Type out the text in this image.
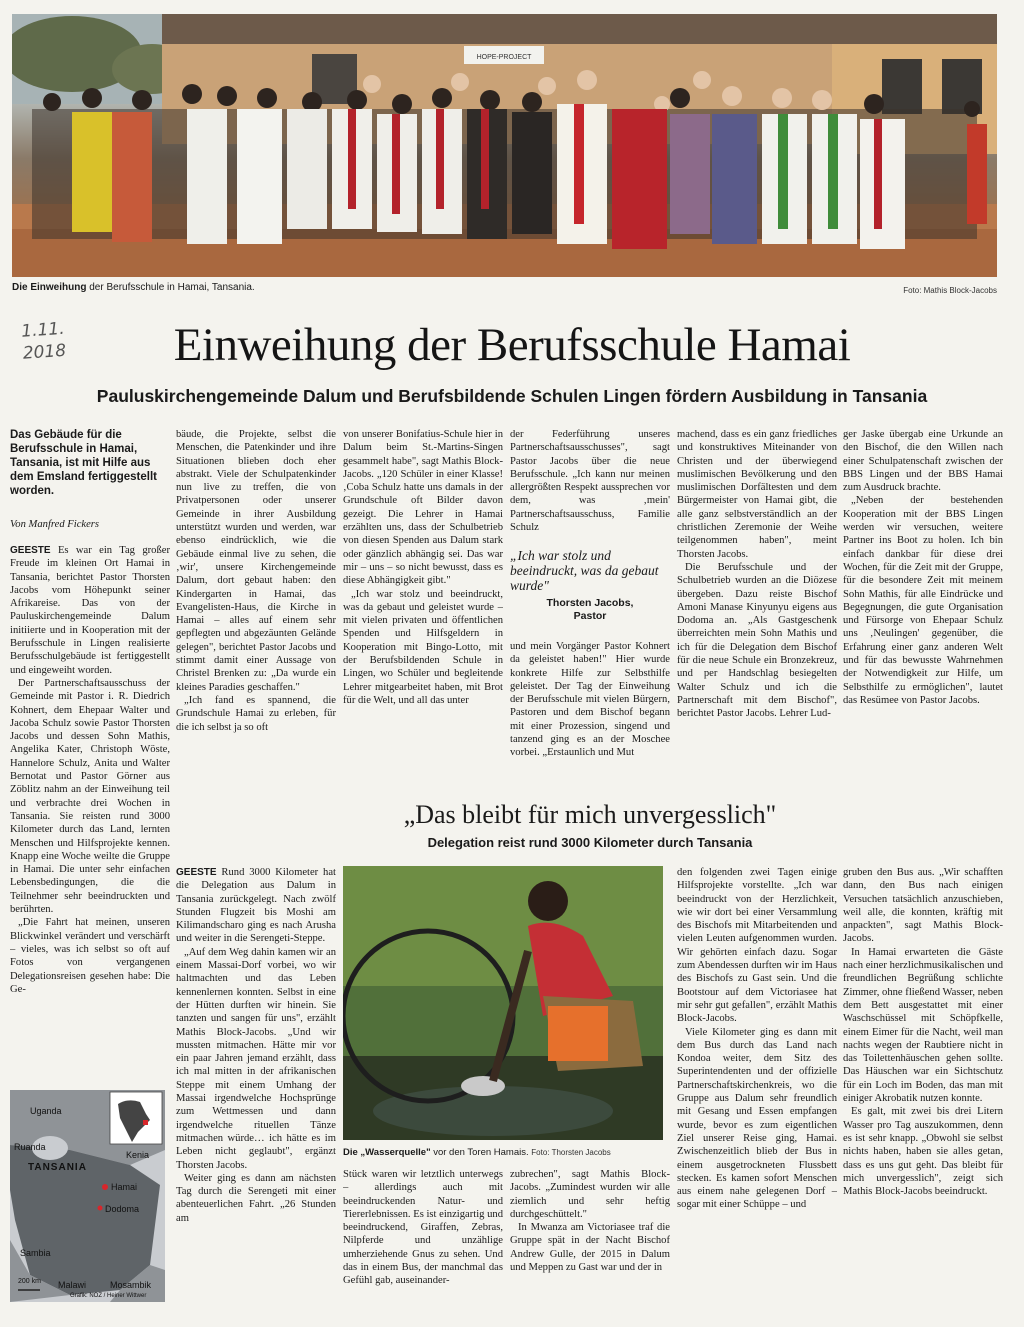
HOPE-PROJECT
Die Einweihung der Berufsschule in Hamai, Tansania.	Foto: Mathis Block-Jacobs
Einweihung der Berufsschule Hamai
1.11.
2018
Pauluskirchengemeinde Dalum und Berufsbildende Schulen Lingen fördern Ausbildung in Tansania
Das Gebäude für die Berufsschule in Hamai, Tansania, ist mit Hilfe aus dem Emsland fertiggestellt worden.
Von Manfred Fickers

GEESTE Es war ein Tag großer Freude im kleinen Ort Hamai in Tansania, berichtet Pastor Thorsten Jacobs vom Höhepunkt seiner Afrikareise. Das von der Pauluskirchengemeinde Dalum initiierte und in Kooperation mit der Berufsschule in Lingen realisierte Berufsschulgebäude ist fertiggestellt und eingeweiht worden.

Der Partnerschaftsausschuss der Gemeinde mit Pastor i. R. Diedrich Kohnert, dem Ehepaar Walter und Jacoba Schulz sowie Pastor Thorsten Jacobs und dessen Sohn Mathis, Angelika Kater, Christoph Wöste, Hannelore Schulz, Anita und Walter Bernotat und Pastor Görner aus Zöblitz nahm an der Einweihung teil und verbrachte drei Wochen in Tansania. Sie reisten rund 3000 Kilometer durch das Land, lernten Menschen und Hilfsprojekte kennen. Knapp eine Woche weilte die Gruppe in Hamai. Die unter sehr einfachen Lebensbedingungen, die die Teilnehmer sehr beeindruckten und berührten.

„Die Fahrt hat meinen, unseren Blickwinkel verändert und verschärft – vieles, was ich selbst so oft auf Fotos von vergangenen Delegationsreisen gesehen habe: Die Ge-

bäude, die Projekte, selbst die Menschen, die Patenkinder und ihre Situationen blieben doch eher abstrakt. Viele der Schulpatenkinder nun live zu treffen, die von Privatpersonen oder unserer Gemeinde in ihrer Ausbildung unterstützt wurden und werden, war ebenso eindrücklich, wie die Gebäude einmal live zu sehen, die ‚wir', unsere Kirchengemeinde Dalum, dort gebaut haben: den Kindergarten in Hamai, das Evangelisten-Haus, die Kirche in Hamai – alles auf einem sehr gepflegten und abgezäunten Gelände gelegen", berichtet Pastor Jacobs und stimmt damit einer Aussage von Christel Brenken zu: „Da wurde ein kleines Paradies geschaffen."

„Ich fand es spannend, die Grundschule Hamai zu erleben, für die ich selbst ja so oft

von unserer Bonifatius-Schule hier in Dalum beim St.-Martins-Singen gesammelt habe", sagt Mathis Block-Jacobs. „120 Schüler in einer Klasse! ‚Coba Schulz hatte uns damals in der Grundschule oft Bilder davon gezeigt. Die Lehrer in Hamai erzählten uns, dass der Schulbetrieb von diesen Spenden aus Dalum stark oder gänzlich abhängig sei. Das war mir – uns – so nicht bewusst, dass es diese Abhängigkeit gibt."

„Ich war stolz und beeindruckt, was da gebaut und geleistet wurde – mit vielen privaten und öffentlichen Spenden und Hilfsgeldern in Kooperation mit Bingo-Lotto, mit der Berufsbildenden Schule in Lingen, wo Schüler und begleitende Lehrer mitgearbeitet haben, mit Brot für die Welt, und all das unter

der Federführung unseres Partnerschaftsausschusses", sagt Pastor Jacobs über die neue Berufsschule. „Ich kann nur meinen allergrößten Respekt aussprechen vor dem, was ‚mein' Partnerschaftsausschuss, Familie Schulz

„Ich war stolz und beeindruckt, was da gebaut wurde"
Thorsten Jacobs,
Pastor

und mein Vorgänger Pastor Kohnert da geleistet haben!" Hier wurde konkrete Hilfe zur Selbsthilfe geleistet. Der Tag der Einweihung der Berufsschule mit vielen Bürgern, Pastoren und dem Bischof begann mit einer Prozession, singend und tanzend ging es an der Moschee vorbei. „Erstaunlich und Mut

machend, dass es ein ganz friedliches und konstruktives Miteinander von Christen und der überwiegend muslimischen Bevölkerung und den muslimischen Dorfältesten und dem Bürgermeister von Hamai gibt, die alle ganz selbstverständlich an der christlichen Zeremonie der Weihe teilgenommen haben", meint Thorsten Jacobs.

Die Berufsschule und der Schulbetrieb wurden an die Diözese übergeben. Dazu reiste Bischof Amoni Manase Kinyunyu eigens aus Dodoma an. „Als Gastgeschenk überreichten mein Sohn Mathis und ich für die Delegation dem Bischof für die neue Schule ein Bronzekreuz, und per Handschlag besiegelten Walter Schulz und ich die Partnerschaft mit dem Bischof", berichtet Pastor Jacobs. Lehrer Lud-

ger Jaske übergab eine Urkunde an den Bischof, die den Willen nach einer Schulpatenschaft zwischen der BBS Lingen und der BBS Hamai zum Ausdruck brachte.

„Neben der bestehenden Kooperation mit der BBS Lingen werden wir versuchen, weitere Partner ins Boot zu holen. Ich bin einfach dankbar für diese drei Wochen, für die Zeit mit der Gruppe, für die besondere Zeit mit meinem Sohn Mathis, für alle Eindrücke und Begegnungen, die gute Organisation und Fürsorge von Ehepaar Schulz uns ‚Neulingen' gegenüber, die Erfahrung einer ganz anderen Welt und für das bewusste Wahrnehmen der Notwendigkeit zur Hilfe, um Selbsthilfe zu ermöglichen", lautet das Resümee von Pastor Jacobs.

„Das bleibt für mich unvergesslich"
Delegation reist rund 3000 Kilometer durch Tansania

GEESTE Rund 3000 Kilometer hat die Delegation aus Dalum in Tansania zurückgelegt. Nach zwölf Stunden Flugzeit bis Moshi am Kilimandscharo ging es nach Arusha und weiter in die Serengeti-Steppe.

„Auf dem Weg dahin kamen wir an einem Massai-Dorf vorbei, wo wir haltmachten und das Leben kennenlernen konnten. Selbst in eine der Hütten durften wir hinein. Sie tanzten und sangen für uns", erzählt Mathis Block-Jacobs. „Und wir mussten mitmachen. Hätte mir vor ein paar Jahren jemand erzählt, dass ich mal mitten in der afrikanischen Steppe mit einem Umhang der Massai irgendwelche Hochsprünge zum Wettmessen und dann irgendwelche rituellen Tänze mitmachen würde… ich hätte es im Leben nicht geglaubt", ergänzt Thorsten Jacobs.

Weiter ging es dann am nächsten Tag durch die Serengeti mit einer abenteuerlichen Fahrt. „26 Stunden am

Die „Wasserquelle" vor den Toren Hamais. Foto: Thorsten Jacobs

Stück waren wir letztlich unterwegs – allerdings auch mit beeindruckenden Natur- und Tiererlebnissen. Es ist einzigartig und beeindruckend, Giraffen, Zebras, Nilpferde und unzählige umherziehende Gnus zu sehen. Und das in einem Bus, der manchmal das Gefühl gab, auseinander-

zubrechen", sagt Mathis Block-Jacobs. „Zumindest wurden wir alle ziemlich und sehr heftig durchgeschüttelt."

In Mwanza am Victoriasee traf die Gruppe spät in der Nacht Bischof Andrew Gulle, der 2015 in Dalum und Meppen zu Gast war und der in

den folgenden zwei Tagen einige Hilfsprojekte vorstellte. „Ich war beeindruckt von der Herzlichkeit, wie wir dort bei einer Versammlung des Bischofs mit Mitarbeitenden und vielen Leuten aufgenommen wurden. Wir gehörten einfach dazu. Sogar zum Abendessen durften wir im Haus des Bischofs zu Gast sein. Und die Bootstour auf dem Victoriasee hat mir sehr gut gefallen", erzählt Mathis Block-Jacobs.

Viele Kilometer ging es dann mit dem Bus durch das Land nach Kondoa weiter, dem Sitz des Superintendenten und der offizielle Partnerschaftskirchenkreis, wo die Gruppe aus Dalum sehr freundlich mit Gesang und Essen empfangen wurde, bevor es zum eigentlichen Ziel unserer Reise ging, Hamai. Zwischenzeitlich blieb der Bus in einem ausgetrockneten Flussbett stecken. Es kamen sofort Menschen aus einem nahe gelegenen Dorf – sogar mit einer Schüppe – und

gruben den Bus aus. „Wir schafften dann, den Bus nach einigen Versuchen tatsächlich anzuschieben, weil alle, die konnten, kräftig mit anpackten", sagt Mathis Block-Jacobs.

In Hamai erwarteten die Gäste nach einer herzlichmusikalischen und freundlichen Begrüßung schlichte Zimmer, ohne fließend Wasser, neben dem Bett ausgestattet mit einer Waschschüssel mit Schöpfkelle, einem Eimer für die Nacht, weil man nachts wegen der Raubtiere nicht in das Toilettenhäuschen gehen sollte. Das Häuschen war ein Sichtschutz für ein Loch im Boden, das man mit einiger Akrobatik nutzen konnte.

Es galt, mit zwei bis drei Litern Wasser pro Tag auszukommen, denn es ist sehr knapp. „Obwohl sie selbst nichts haben, haben sie alles getan, dass es uns gut geht. Das bleibt für mich unvergesslich", zeigt sich Mathis Block-Jacobs beeindruckt.

Uganda
Ruanda
Kenia
TANSANIA
Hamai
Dodoma
Sambia
Malawi	Mosambik
200 km
Grafik: NOZ / Heiner Wittwer
